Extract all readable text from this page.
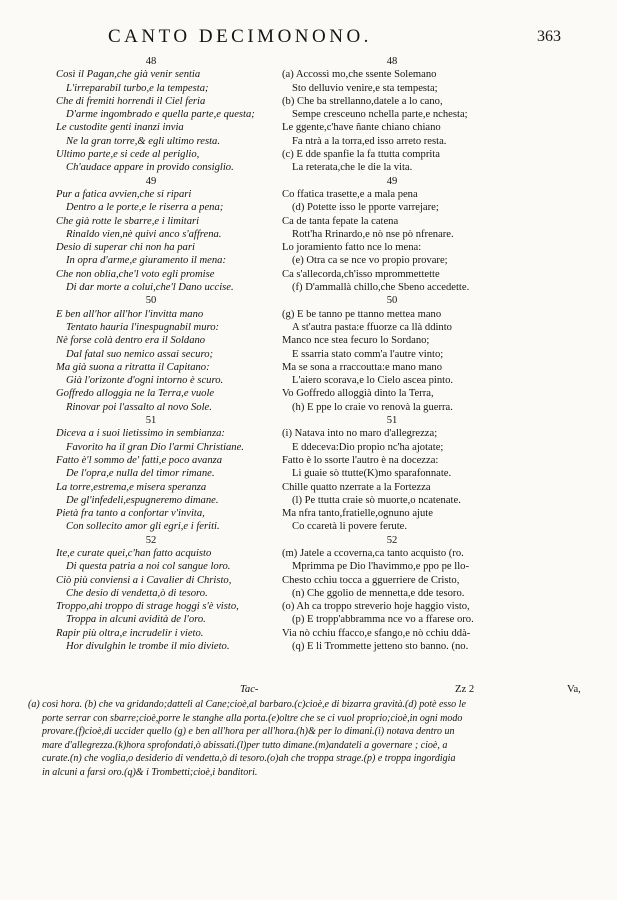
CANTO DECIMONONO.	363
48
Così il Pagan,che già venir sentia
L'irreparabil turbo,e la tempesta;
Che di fremiti horrendi il Ciel feria
D'arme ingombrado e quella parte,e questa;
Le custodite genti inanzi invia
Ne la gran torre,& egli ultimo resta.
Ultimo parte,e si cede al periglio,
Ch'audace appare in provido consiglio.
49
Pur a fatica avvien,che si ripari
Dentro a le porte,e le riserra a pena;
Che già rotte le sbarre,e i limitari
Rinaldo vien,nè quivi anco s'affrena.
Desio di superar chi non ha pari
In opra d'arme,e giuramento il mena:
Che non oblia,che'l voto egli promise
Di dar morte a colui,che'l Dano uccise.
50
E ben all'hor all'hor l'invitta mano
Tentato hauria l'inespugnabil muro:
Nè forse colà dentro era il Soldano
Dal fatal suo nemico assai securo;
Ma già suona a ritratta il Capitano:
Già l'orizonte d'ogni intorno è scuro.
Goffredo alloggia ne la Terra,e vuole
Rinovar poi l'assalto al novo Sole.
51
Diceva a i suoi lietissimo in sembianza:
Favorito ha il gran Dio l'armi Christiane.
Fatto è'l sommo de' fatti,e poco avanza
De l'opra,e nulla del timor rimane.
La torre,estrema,e misera speranza
De gl'infedeli,espugneremo dimane.
Pietà fra tanto a confortar v'invita,
Con sollecito amor gli egri,e i feriti.
52
Ite,e curate quei,c'han fatto acquisto
Di questa patria a noi col sangue loro.
Ciò più conviensi a i Cavalier di Christo,
Che desio di vendetta,ò di tesoro.
Troppo,ahi troppo di strage hoggi s'è visto,
Troppa in alcuni avidità de l'oro.
Rapir più oltra,e incrudelir i vieto.
Hor divulghin le trombe il mio divieto.
48
(a) Accossì mo,che ssente Solemano
Sto delluvio venire,e sta tempesta;
(b) Che ba strellanno,datele a lo cano,
Sempe cresceuno nchella parte,e nchesta;
Le ggente,c'have ñante chiano chiano
Fa ntrà a la torra,ed isso arreto resta.
(c) E dde spanfie la fa ttutta comprita
La reterata,che le die la vita.
49
Co ffatica trasette,e a mala pena
(d) Potette isso le pporte varrejare;
Ca de tanta fepate la catena
Rott'ha Rrinardo,e nò nse pò nfrenare.
Lo joramiento fatto nce lo mena:
(e) Otra ca se nce vo propio provare;
Ca s'allecorda,ch'isso mprommettette
(f) D'ammallà chillo,che Sbeno accedette.
50
(g) E be tanno pe ttanno mettea mano
A st'autra pasta:e ffuorze ca llà ddinto
Manco nce stea fecuro lo Sordano;
E ssarria stato comm'a l'autre vinto;
Ma se sona a rraccoutta:e mano mano
L'aiero scorava,e lo Cielo ascea pinto.
Vo Goffredo alloggià dinto la Terra,
(h) E ppe lo craie vo renovà la guerra.
51
(i) Natava into no maro d'allegrezza;
E ddeceva:Dio propio nc'ha ajotate;
Fatto è lo ssorte l'autro è na docezza:
Li guaie sò ttutte(K)mo sparafonnate.
Chille quatto nzerrate a la Fortezza
(l) Pe ttutta craie sò muorte,o ncatenate.
Ma nfra tanto,fratielle,ognuno ajute
Co ccaretà li povere ferute.
52
(m) Jatele a ccoverna,ca tanto acquisto (ro.
Mprimma pe Dio l'havimmo,e ppo pe llo-
Chesto cchiu tocca a gguerriere de Cristo,
(n) Che ggolio de mennetta,e dde tesoro.
(o) Ah ca troppo streverio hoje haggio visto,
(p) E tropp'abbramma nce vo a ffarese oro.
Via nò cchiu ffacco,e sfango,e nò cchiu ddà-
(q) E li Trommette jetteno sto banno. (no.
Tac-	Zz 2	Va,
(a) così hora. (b) che va gridando;datteli al Cane;cioè,al barbaro.(c)cioè,e di bizarra gravità.(d) potè esso le
porte serrar con sbarre;cioè,porre le stanghe alla porta.(e)oltre che se ci vuol proprio;cioè,in ogni modo
provare.(f)cioè,di uccider quello (g) e ben all'hora per all'hora.(h)& per lo dimani.(i) notava dentro un
mare d'allegrezza.(k)hora sprofondati,ò abissati.(l)per tutto dimane.(m)andateli a governare ; cioè, a
curate.(n) che voglia,o desiderio di vendetta,ò di tesoro.(o)ah che troppa strage.(p) e troppa ingordigia
in alcuni a farsi oro.(q)& i Trombetti;cioè,i banditori.
